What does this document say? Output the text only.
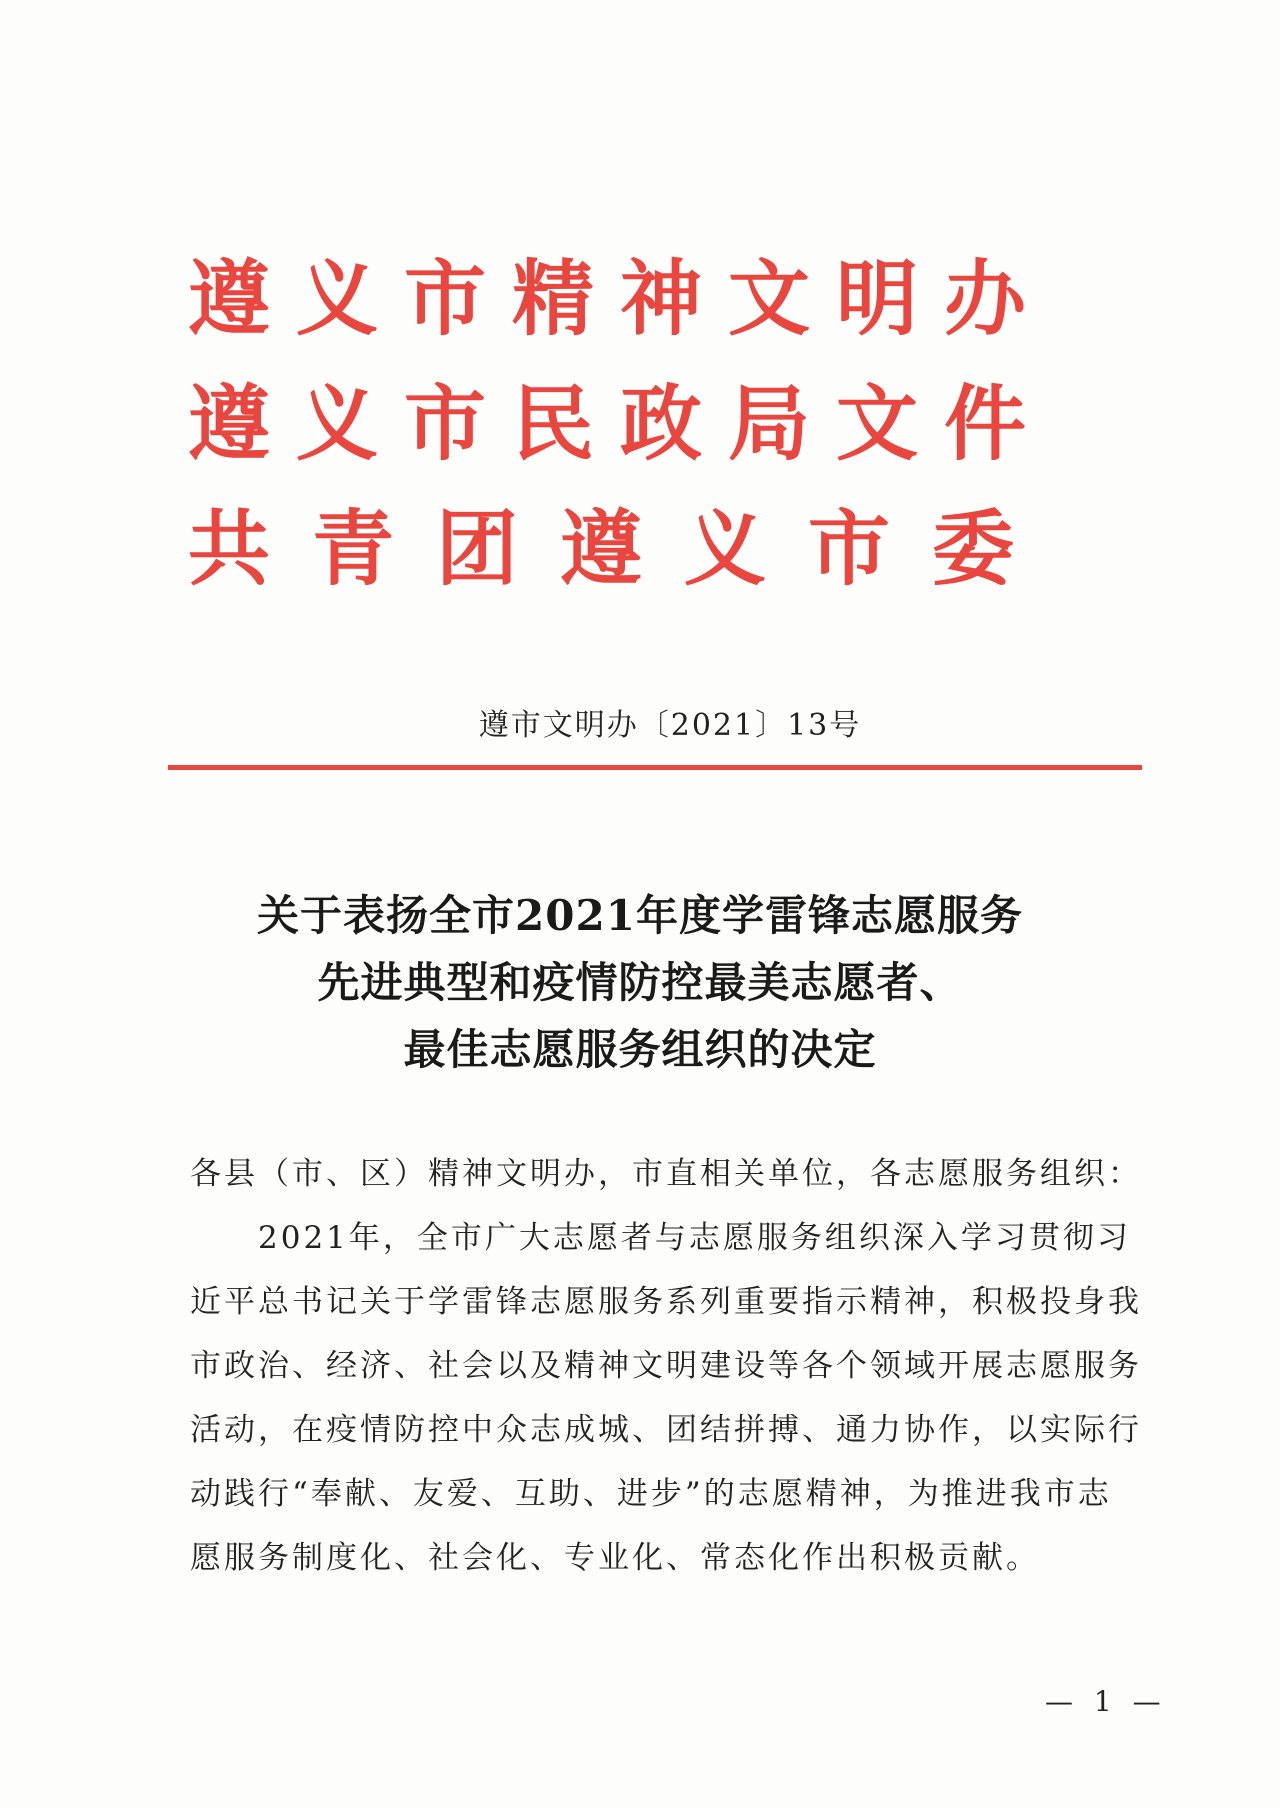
遵义市精神文明办
遵义市民政局文件
共青团遵义市委
遵市文明办〔2021〕13号
关于表扬全市2021年度学雷锋志愿服务
先进典型和疫情防控最美志愿者、
最佳志愿服务组织的决定
各县（市、区）精神文明办，市直相关单位，各志愿服务组织：
　　2021年，全市广大志愿者与志愿服务组织深入学习贯彻习
近平总书记关于学雷锋志愿服务系列重要指示精神，积极投身我
市政治、经济、社会以及精神文明建设等各个领域开展志愿服务
活动，在疫情防控中众志成城、团结拼搏、通力协作，以实际行
动践行“奉献、友爱、互助、进步”的志愿精神，为推进我市志
愿服务制度化、社会化、专业化、常态化作出积极贡献。
— 1 —
